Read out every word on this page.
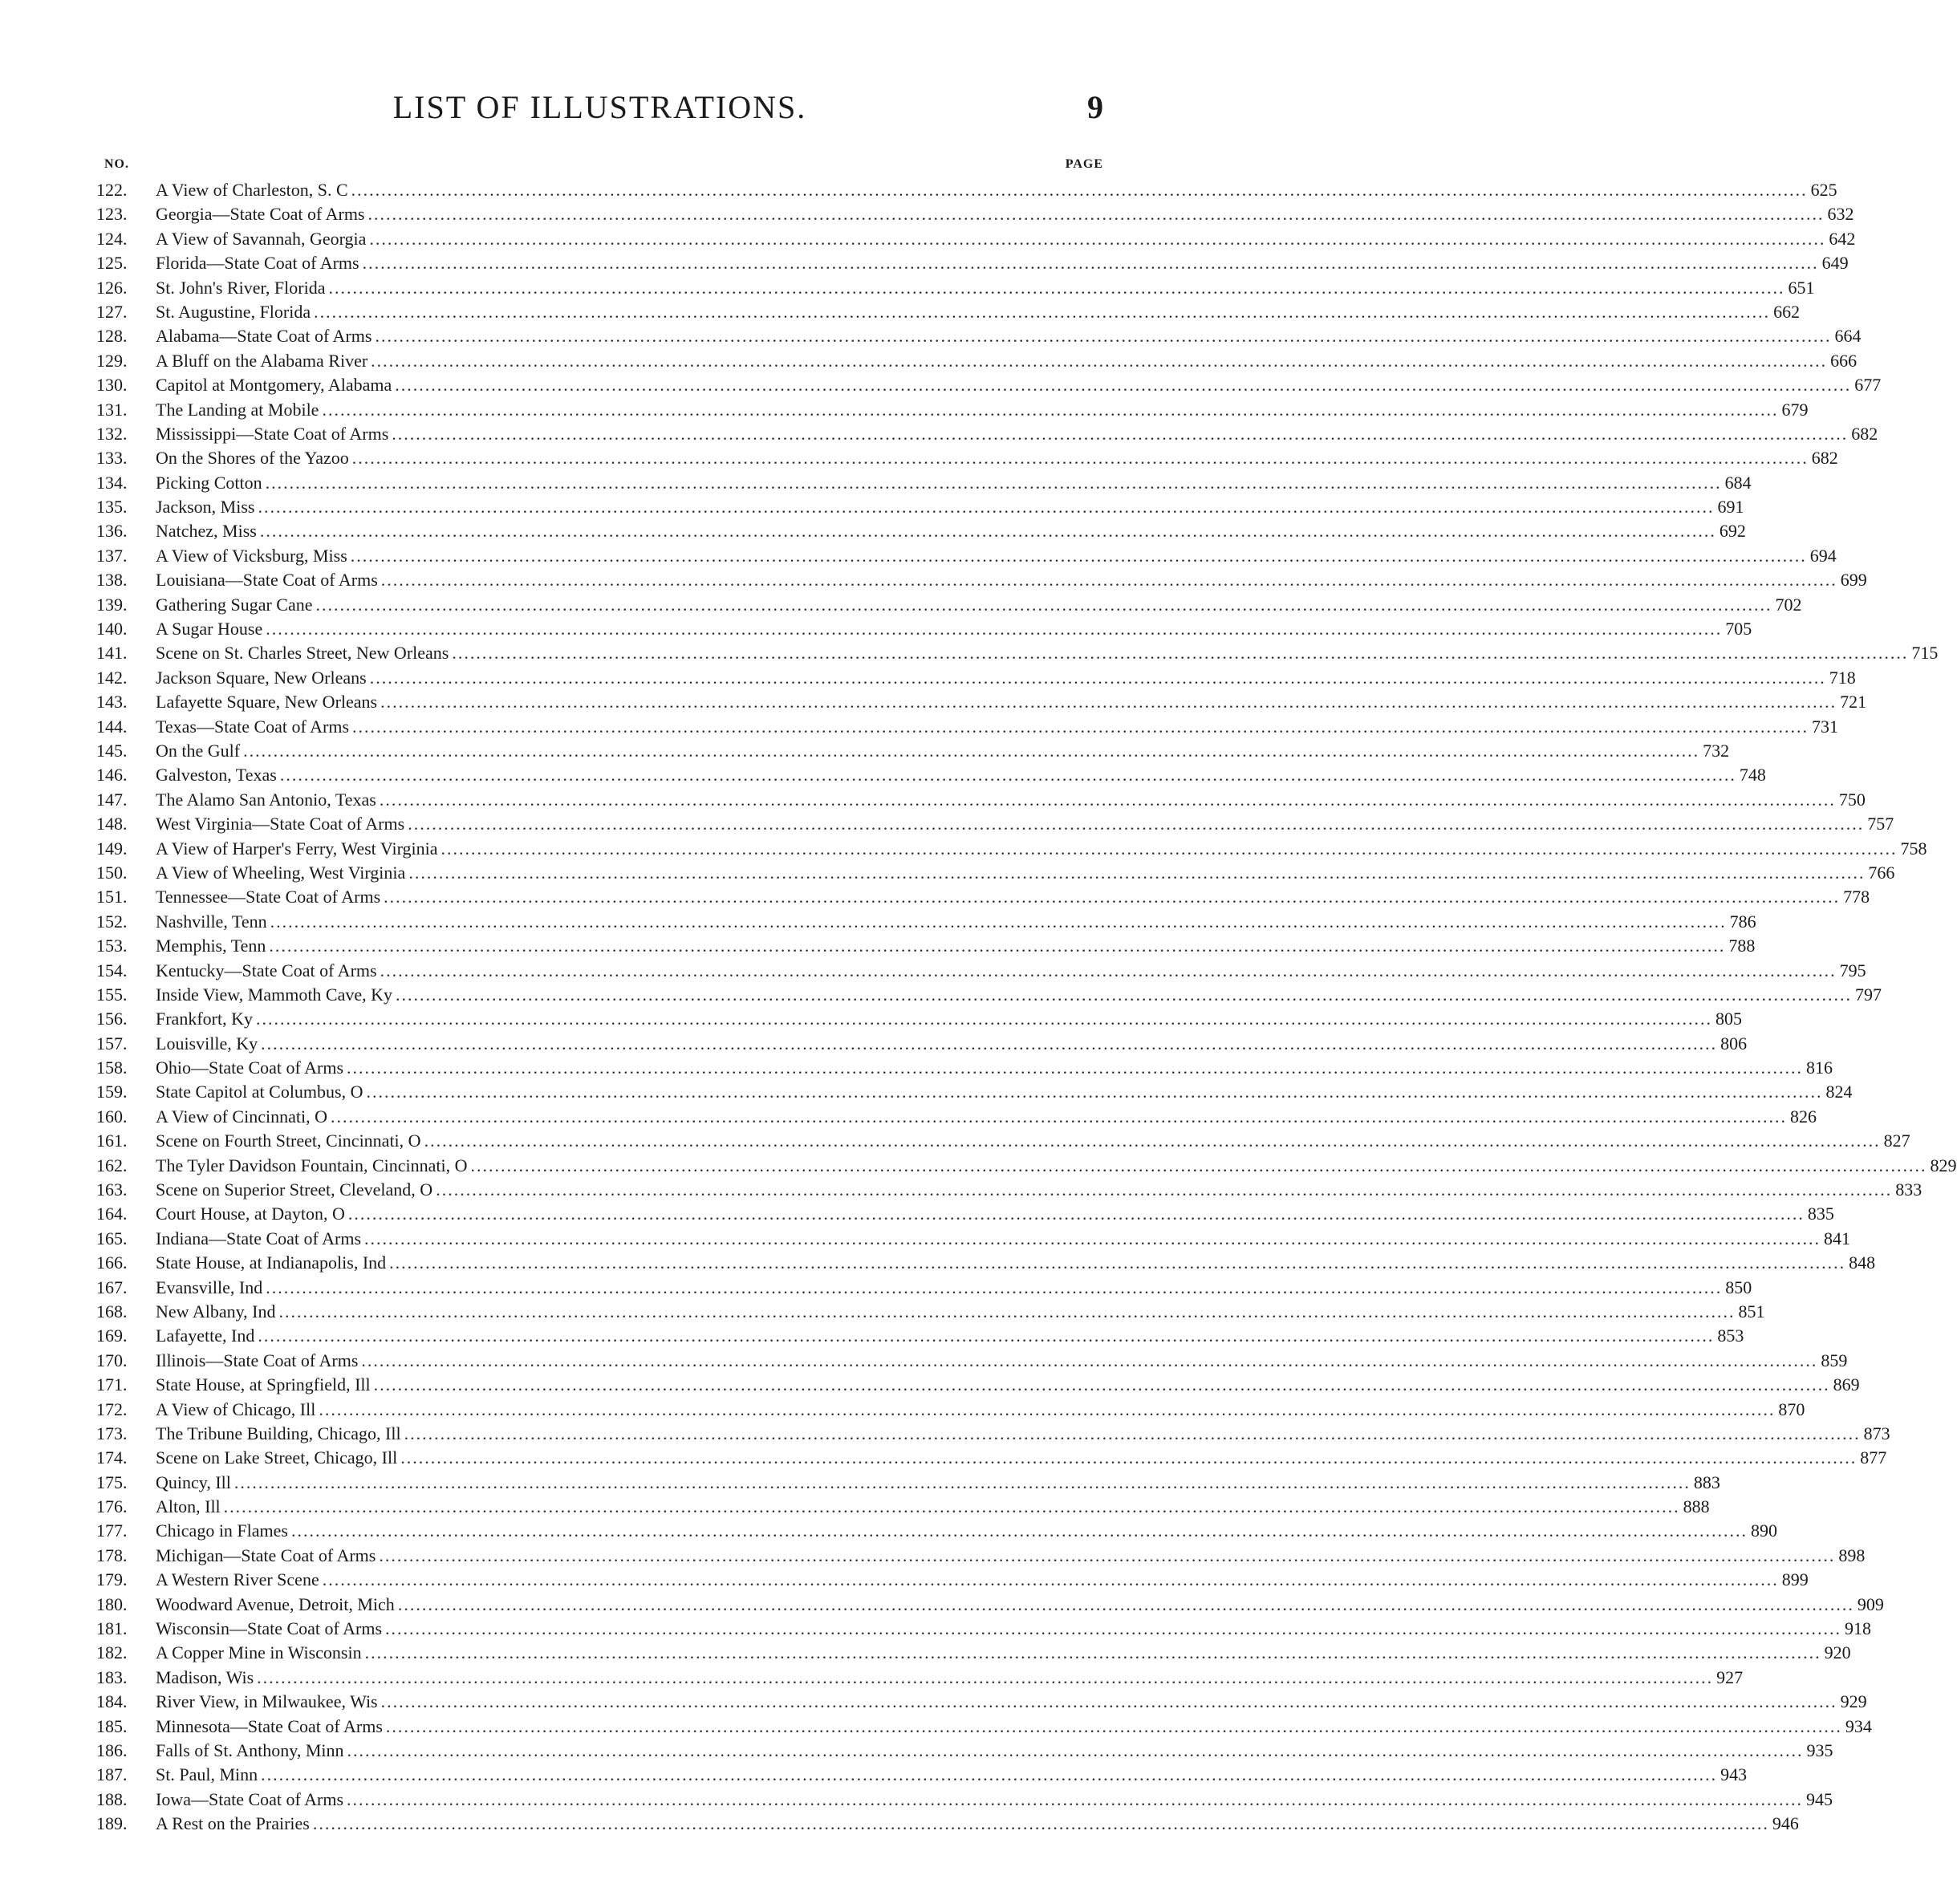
LIST OF ILLUSTRATIONS.	9
NO.	PAGE
122.	A View of Charleston, S. C .....	625
123.	Georgia—State Coat of Arms .....	632
124.	A View of Savannah, Georgia .....	642
125.	Florida—State Coat of Arms .....	649
126.	St. John's River, Florida .....	651
127.	St. Augustine, Florida .....	662
128.	Alabama—State Coat of Arms .....	664
129.	A Bluff on the Alabama River .....	666
130.	Capitol at Montgomery, Alabama .....	677
131.	The Landing at Mobile .....	679
132.	Mississippi—State Coat of Arms .....	682
133.	On the Shores of the Yazoo .....	682
134.	Picking Cotton .....	684
135.	Jackson, Miss .....	691
136.	Natchez, Miss .....	692
137.	A View of Vicksburg, Miss .....	694
138.	Louisiana—State Coat of Arms .....	699
139.	Gathering Sugar Cane .....	702
140.	A Sugar House .....	705
141.	Scene on St. Charles Street, New Orleans .....	715
142.	Jackson Square, New Orleans .....	718
143.	Lafayette Square, New Orleans .....	721
144.	Texas—State Coat of Arms .....	731
145.	On the Gulf .....	732
146.	Galveston, Texas .....	748
147.	The Alamo San Antonio, Texas .....	750
148.	West Virginia—State Coat of Arms .....	757
149.	A View of Harper's Ferry, West Virginia .....	758
150.	A View of Wheeling, West Virginia .....	766
151.	Tennessee—State Coat of Arms .....	778
152.	Nashville, Tenn .....	786
153.	Memphis, Tenn .....	788
154.	Kentucky—State Coat of Arms .....	795
155.	Inside View, Mammoth Cave, Ky .....	797
156.	Frankfort, Ky .....	805
157.	Louisville, Ky .....	806
158.	Ohio—State Coat of Arms .....	816
159.	State Capitol at Columbus, O .....	824
160.	A View of Cincinnati, O .....	826
161.	Scene on Fourth Street, Cincinnati, O .....	827
162.	The Tyler Davidson Fountain, Cincinnati, O .....	829
163.	Scene on Superior Street, Cleveland, O .....	833
164.	Court House, at Dayton, O .....	835
165.	Indiana—State Coat of Arms .....	841
166.	State House, at Indianapolis, Ind .....	848
167.	Evansville, Ind .....	850
168.	New Albany, Ind .....	851
169.	Lafayette, Ind .....	853
170.	Illinois—State Coat of Arms .....	859
171.	State House, at Springfield, Ill .....	869
172.	A View of Chicago, Ill .....	870
173.	The Tribune Building, Chicago, Ill .....	873
174.	Scene on Lake Street, Chicago, Ill .....	877
175.	Quincy, Ill .....	883
176.	Alton, Ill .....	888
177.	Chicago in Flames .....	890
178.	Michigan—State Coat of Arms .....	898
179.	A Western River Scene .....	899
180.	Woodward Avenue, Detroit, Mich .....	909
181.	Wisconsin—State Coat of Arms .....	918
182.	A Copper Mine in Wisconsin .....	920
183.	Madison, Wis .....	927
184.	River View, in Milwaukee, Wis .....	929
185.	Minnesota—State Coat of Arms .....	934
186.	Falls of St. Anthony, Minn .....	935
187.	St. Paul, Minn .....	943
188.	Iowa—State Coat of Arms .....	945
189.	A Rest on the Prairies .....	946
